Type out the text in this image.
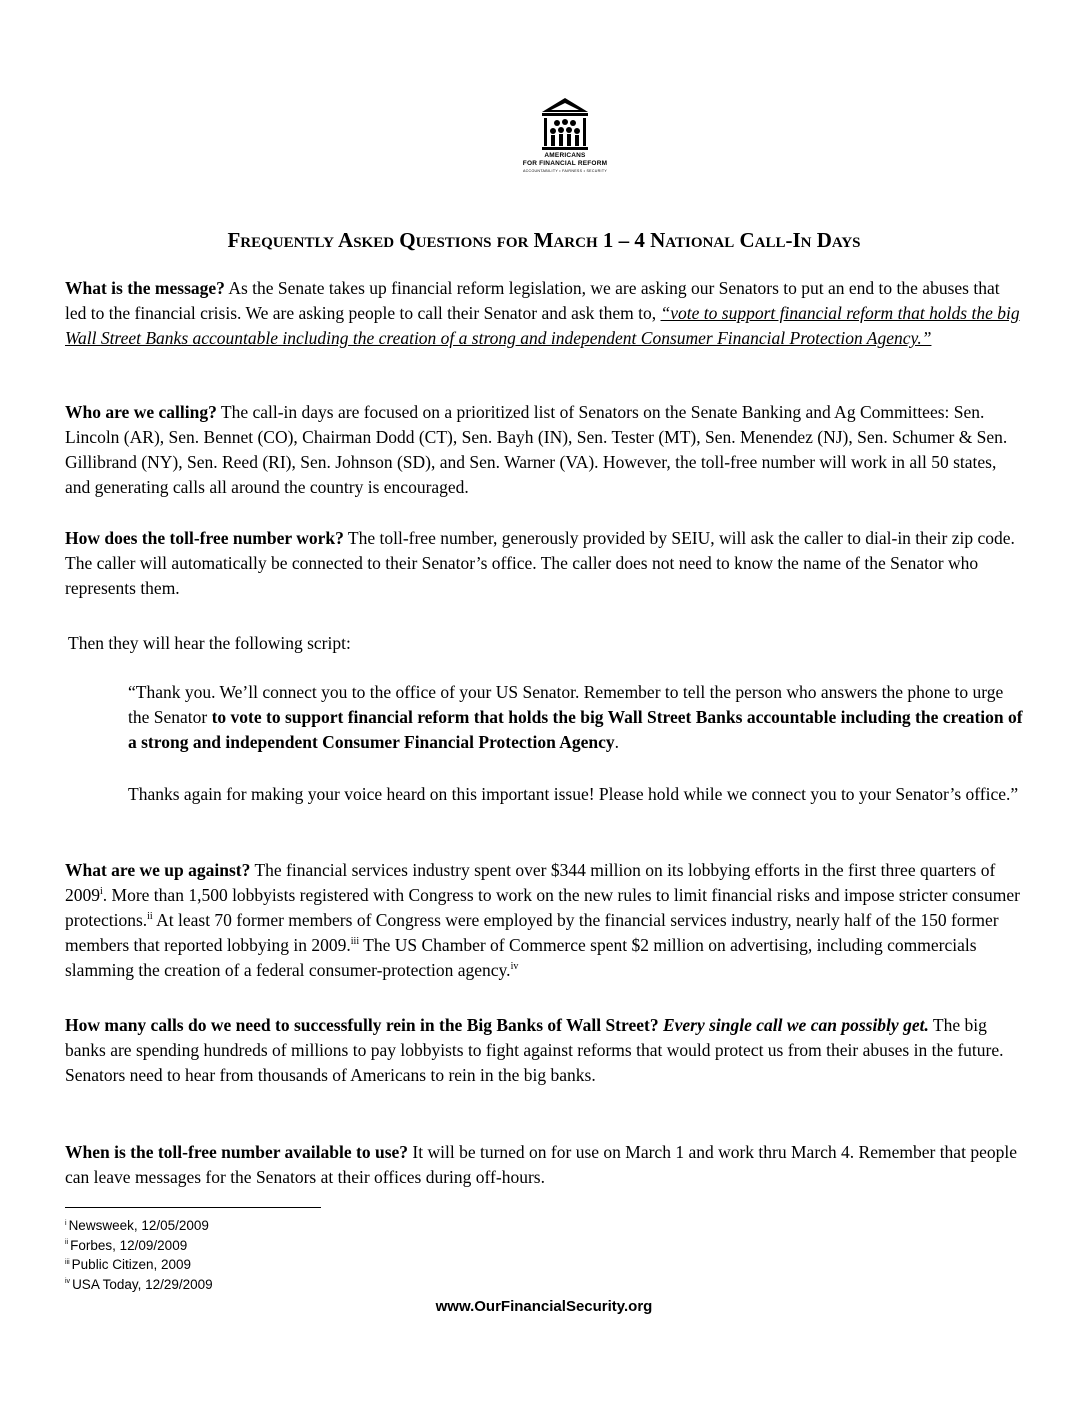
AMERICANS
FOR FINANCIAL REFORM
ACCOUNTABILITY • FAIRNESS • SECURITY
Frequently Asked Questions for March 1 – 4 National Call-In Days

What is the message? As the Senate takes up financial reform legislation, we are asking our Senators to put an end to the abuses that led to the financial crisis. We are asking people to call their Senator and ask them to, “vote to support financial reform that holds the big Wall Street Banks accountable including the creation of a strong and independent Consumer Financial Protection Agency.”

Who are we calling? The call-in days are focused on a prioritized list of Senators on the Senate Banking and Ag Committees: Sen. Lincoln (AR), Sen. Bennet (CO), Chairman Dodd (CT), Sen. Bayh (IN), Sen. Tester (MT), Sen. Menendez (NJ), Sen. Schumer & Sen. Gillibrand (NY), Sen. Reed (RI), Sen. Johnson (SD), and Sen. Warner (VA). However, the toll-free number will work in all 50 states, and generating calls all around the country is encouraged.

How does the toll-free number work? The toll-free number, generously provided by SEIU, will ask the caller to dial-in their zip code. The caller will automatically be connected to their Senator’s office. The caller does not need to know the name of the Senator who represents them.

Then they will hear the following script:

“Thank you. We’ll connect you to the office of your US Senator. Remember to tell the person who answers the phone to urge the Senator to vote to support financial reform that holds the big Wall Street Banks accountable including the creation of a strong and independent Consumer Financial Protection Agency.

Thanks again for making your voice heard on this important issue! Please hold while we connect you to your Senator’s office.”

What are we up against? The financial services industry spent over $344 million on its lobbying efforts in the first three quarters of 2009$^i$. More than 1,500 lobbyists registered with Congress to work on the new rules to limit financial risks and impose stricter consumer protections.$^{ii}$ At least 70 former members of Congress were employed by the financial services industry, nearly half of the 150 former members that reported lobbying in 2009.$^{iii}$ The US Chamber of Commerce spent $2 million on advertising, including commercials slamming the creation of a federal consumer-protection agency.$^{iv}$

How many calls do we need to successfully rein in the Big Banks of Wall Street? Every single call we can possibly get. The big banks are spending hundreds of millions to pay lobbyists to fight against reforms that would protect us from their abuses in the future. Senators need to hear from thousands of Americans to rein in the big banks.

When is the toll-free number available to use? It will be turned on for use on March 1 and work thru March 4. Remember that people can leave messages for the Senators at their offices during off-hours.

$^i$ Newsweek, 12/05/2009
$^{ii}$ Forbes, 12/09/2009
$^{iii}$ Public Citizen, 2009
$^{iv}$ USA Today, 12/29/2009
www.OurFinancialSecurity.org
